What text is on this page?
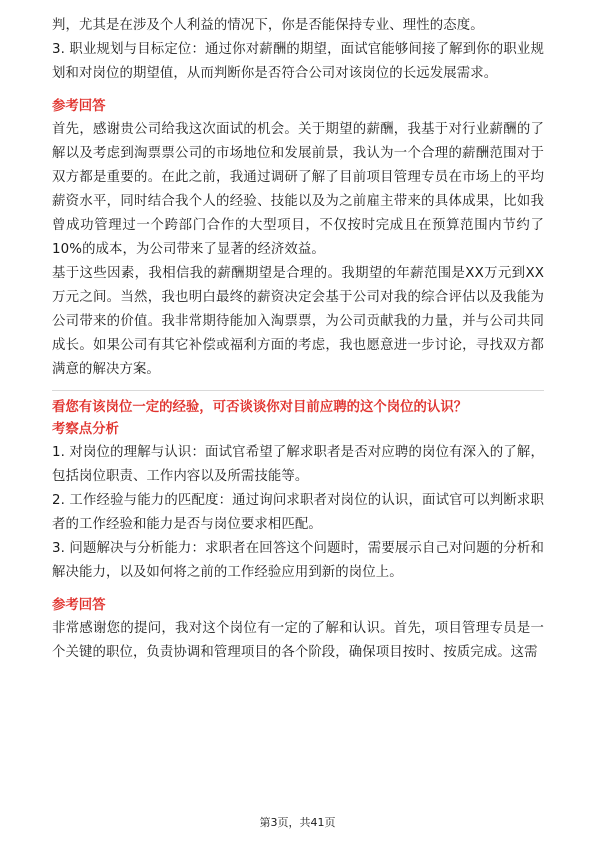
判，尤其是在涉及个人利益的情况下，你是否能保持专业、理性的态度。

3. 职业规划与目标定位：通过你对薪酬的期望，面试官能够间接了解到你的职业规划和对岗位的期望值，从而判断你是否符合公司对该岗位的长远发展需求。

参考回答

首先，感谢贵公司给我这次面试的机会。关于期望的薪酬，我基于对行业薪酬的了解以及考虑到淘票票公司的市场地位和发展前景，我认为一个合理的薪酬范围对于双方都是重要的。在此之前，我通过调研了解了目前项目管理专员在市场上的平均薪资水平，同时结合我个人的经验、技能以及为之前雇主带来的具体成果，比如我曾成功管理过一个跨部门合作的大型项目，不仅按时完成且在预算范围内节约了10%的成本，为公司带来了显著的经济效益。

基于这些因素，我相信我的薪酬期望是合理的。我期望的年薪范围是XX万元到XX万元之间。当然，我也明白最终的薪资决定会基于公司对我的综合评估以及我能为公司带来的价值。我非常期待能加入淘票票，为公司贡献我的力量，并与公司共同成长。如果公司有其它补偿或福利方面的考虑，我也愿意进一步讨论，寻找双方都满意的解决方案。

看您有该岗位一定的经验，可否谈谈你对目前应聘的这个岗位的认识？
考察点分析

1. 对岗位的理解与认识：面试官希望了解求职者是否对应聘的岗位有深入的了解，包括岗位职责、工作内容以及所需技能等。

2. 工作经验与能力的匹配度：通过询问求职者对岗位的认识，面试官可以判断求职者的工作经验和能力是否与岗位要求相匹配。

3. 问题解决与分析能力：求职者在回答这个问题时，需要展示自己对问题的分析和解决能力，以及如何将之前的工作经验应用到新的岗位上。

参考回答

非常感谢您的提问，我对这个岗位有一定的了解和认识。首先，项目管理专员是一个关键的职位，负责协调和管理项目的各个阶段，确保项目按时、按质完成。这需

第3页，共41页
